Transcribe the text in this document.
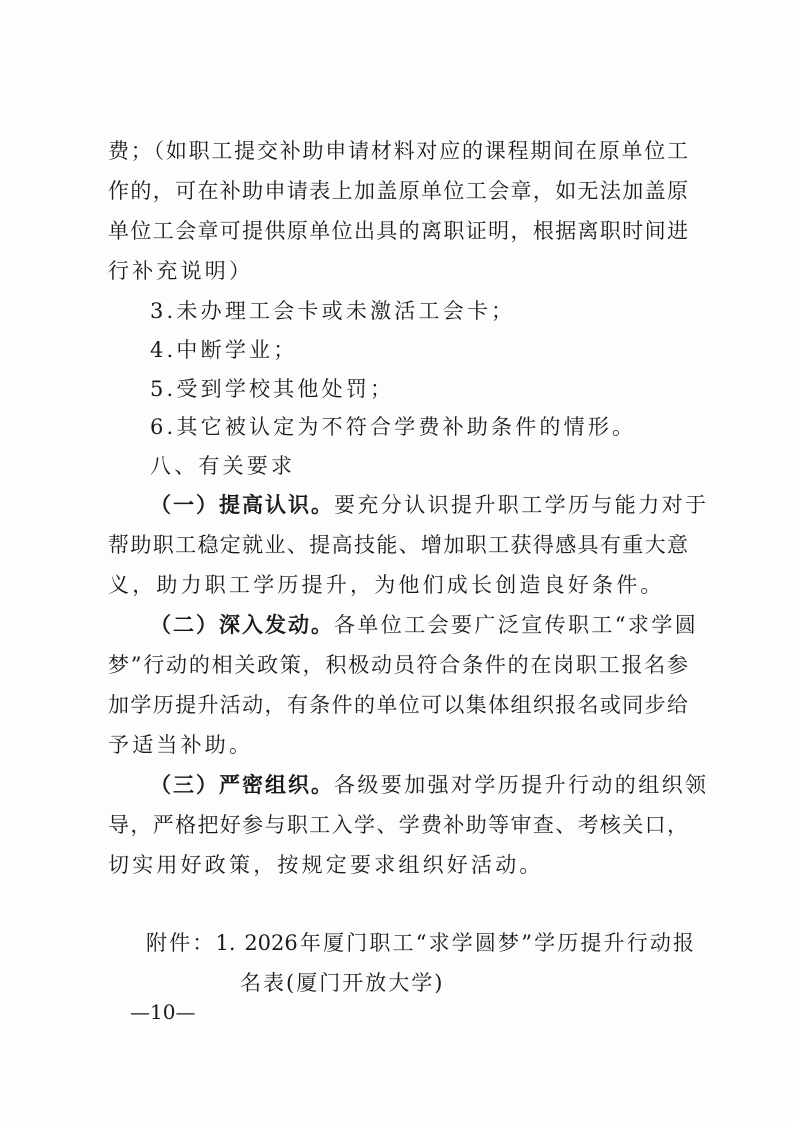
费；（如职工提交补助申请材料对应的课程期间在原单位工
作的，可在补助申请表上加盖原单位工会章，如无法加盖原
单位工会章可提供原单位出具的离职证明，根据离职时间进
行补充说明）
3.未办理工会卡或未激活工会卡；
4.中断学业；
5.受到学校其他处罚；
6.其它被认定为不符合学费补助条件的情形。
八、有关要求
（一）提高认识。 要充分认识提升职工学历与能力对于
帮助职工稳定就业、提高技能、增加职工获得感具有重大意
义，助力职工学历提升，为他们成长创造良好条件。
（二）深入发动。 各单位工会要广泛宣传职工“求学圆
梦”行动的相关政策，积极动员符合条件的在岗职工报名参
加学历提升活动，有条件的单位可以集体组织报名或同步给
予适当补助。
（三）严密组织。 各级要加强对学历提升行动的组织领
导，严格把好参与职工入学、学费补助等审查、考核关口，
切实用好政策，按规定要求组织好活动。
附件：1. 2026年厦门职工“求学圆梦”学历提升行动报
名表(厦门开放大学)
—10—
